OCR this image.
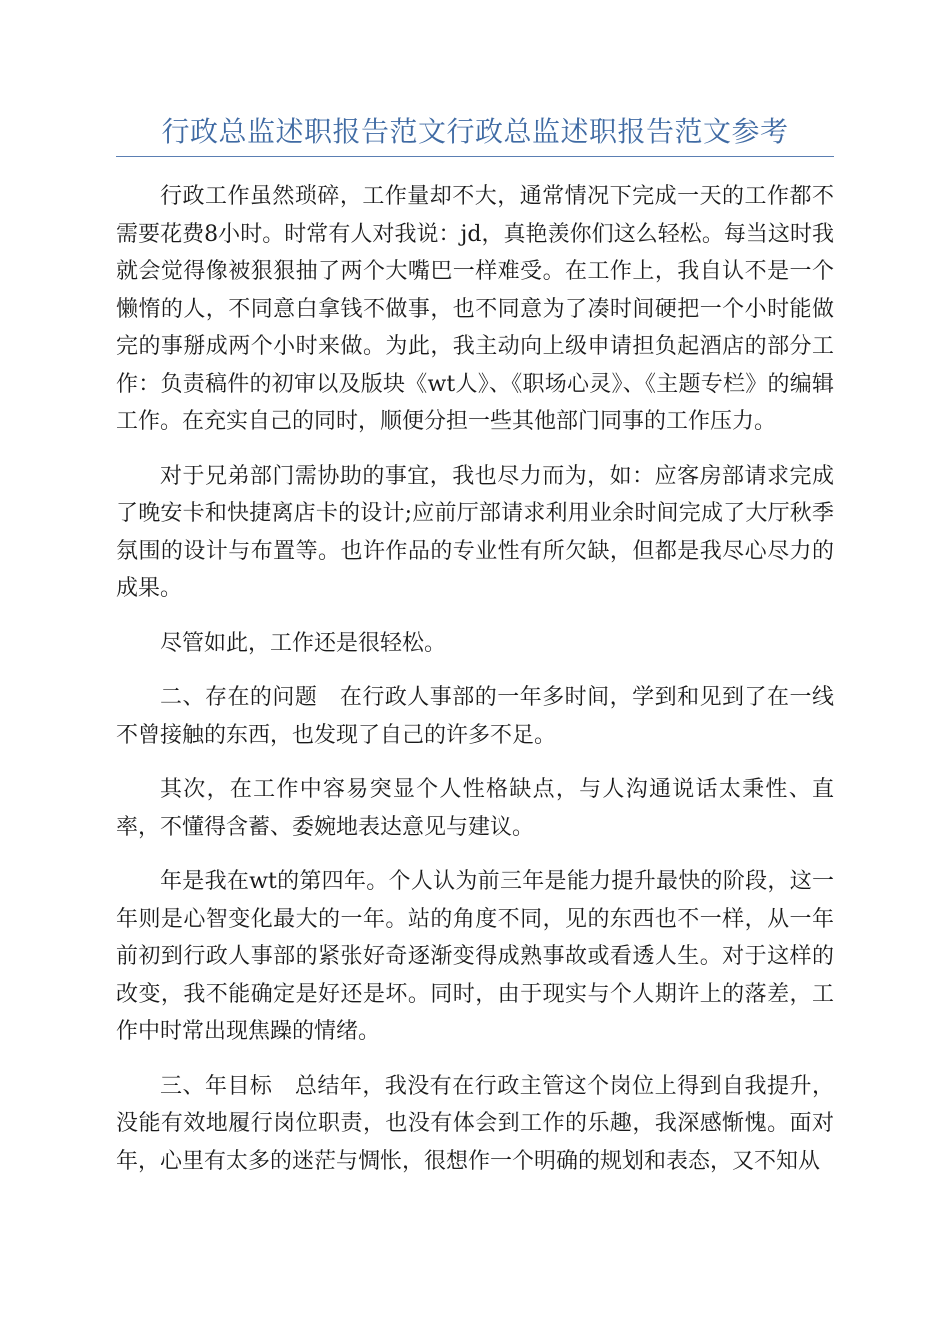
行政总监述职报告范文行政总监述职报告范文参考

行政工作虽然琐碎，工作量却不大，通常情况下完成一天的工作都不需要花费8小时。时常有人对我说：jd，真艳羡你们这么轻松。每当这时我就会觉得像被狠狠抽了两个大嘴巴一样难受。在工作上，我自认不是一个懒惰的人，不同意白拿钱不做事，也不同意为了凑时间硬把一个小时能做完的事掰成两个小时来做。为此，我主动向上级申请担负起酒店的部分工作：负责稿件的初审以及版块《wt人》、《职场心灵》、《主题专栏》的编辑工作。在充实自己的同时，顺便分担一些其他部门同事的工作压力。

对于兄弟部门需协助的事宜，我也尽力而为，如：应客房部请求完成了晚安卡和快捷离店卡的设计;应前厅部请求利用业余时间完成了大厅秋季氛围的设计与布置等。也许作品的专业性有所欠缺，但都是我尽心尽力的成果。

尽管如此，工作还是很轻松。

二、存在的问题　在行政人事部的一年多时间，学到和见到了在一线不曾接触的东西，也发现了自己的许多不足。

其次，在工作中容易突显个人性格缺点，与人沟通说话太秉性、直率，不懂得含蓄、委婉地表达意见与建议。

年是我在wt的第四年。个人认为前三年是能力提升最快的阶段，这一年则是心智变化最大的一年。站的角度不同，见的东西也不一样，从一年前初到行政人事部的紧张好奇逐渐变得成熟事故或看透人生。对于这样的改变，我不能确定是好还是坏。同时，由于现实与个人期许上的落差，工作中时常出现焦躁的情绪。

三、年目标　总结年，我没有在行政主管这个岗位上得到自我提升，没能有效地履行岗位职责，也没有体会到工作的乐趣，我深感惭愧。面对年，心里有太多的迷茫与惆怅，很想作一个明确的规划和表态，又不知从
